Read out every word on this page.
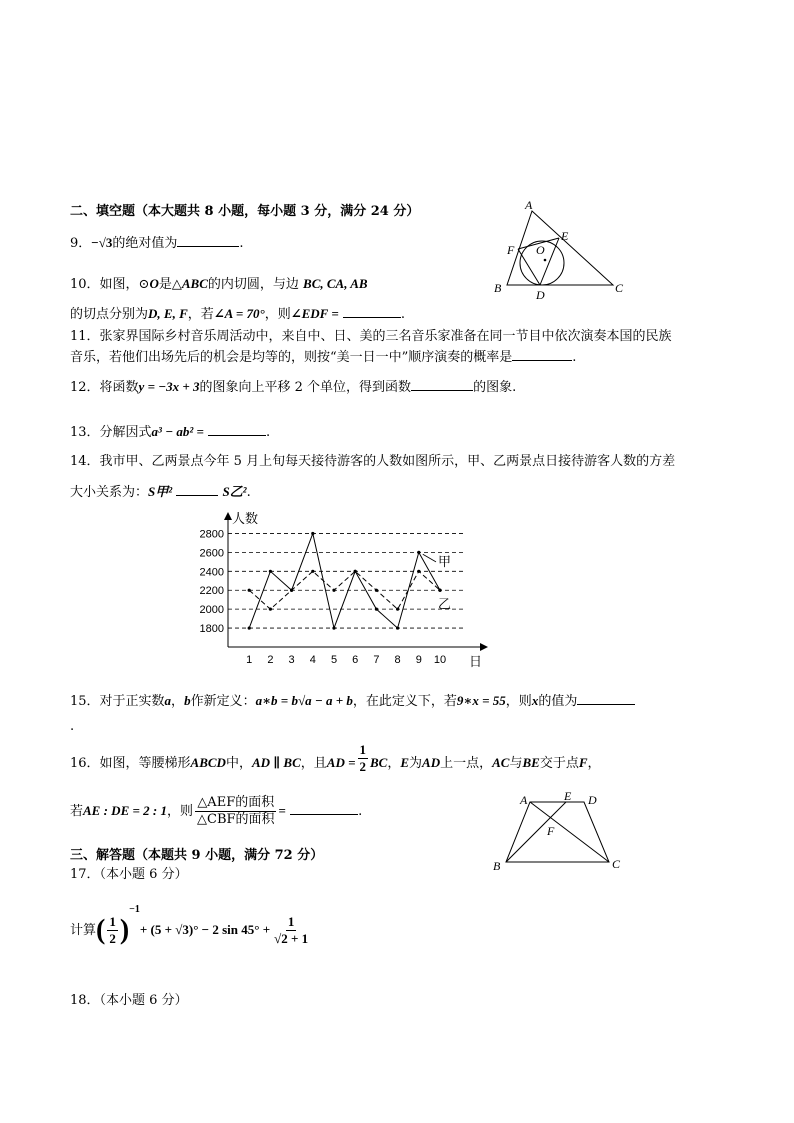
二、填空题（本大题共 8 小题，每小题 3 分，满分 24 分）
9．−√3的绝对值为	.
10．如图，⊙O是△ABC的内切圆，与边 BC, CA, AB
的切点分别为D, E, F，若∠A = 70°，则∠EDF =	.
A
B	C
D
E
F O
11．张家界国际乡村音乐周活动中，来自中、日、美的三名音乐家准备在同一节目中依次演奏本国的民族
音乐，若他们出场先后的机会是均等的，则按“美一日一中”顺序演奏的概率是	.
12．将函数y = −3x + 3的图象向上平移 2 个单位，得到函数	的图象.
13．分解因式a³ − ab² =	.
14．我市甲、乙两景点今年 5 月上旬每天接待游客的人数如图所示，甲、乙两景点日接待游客人数的方差
大小关系为：S甲²	S乙².
1800
2000
2200
2400
2600
2800
1 2 3 4 5 6 7 8 9 10
人数
日
甲
乙
15．对于正实数a，b作新定义：a∗b = b√a − a + b，在此定义下，若9∗x = 55，则x的值为
.
16．如图，等腰梯形ABCD中，AD ∥ BC，且AD = $\frac{1}{2}$ BC，E为AD上一点，AC与BE交于点F，
若AE : DE = 2 : 1，则 $\frac{\text{△AEF的面积}}{\text{△CBF的面积}}$ =	.
A
B	C
D
E
F
三、解答题（本题共 9 小题，满分 72 分）
17．（本小题 6 分）
计算( $\frac{1}{2} )^{-1}+ (5 + √3)^\circ - 2$ $\sin 45^\circ + \frac{1}{√2 + 1}$
18．（本小题 6 分）
